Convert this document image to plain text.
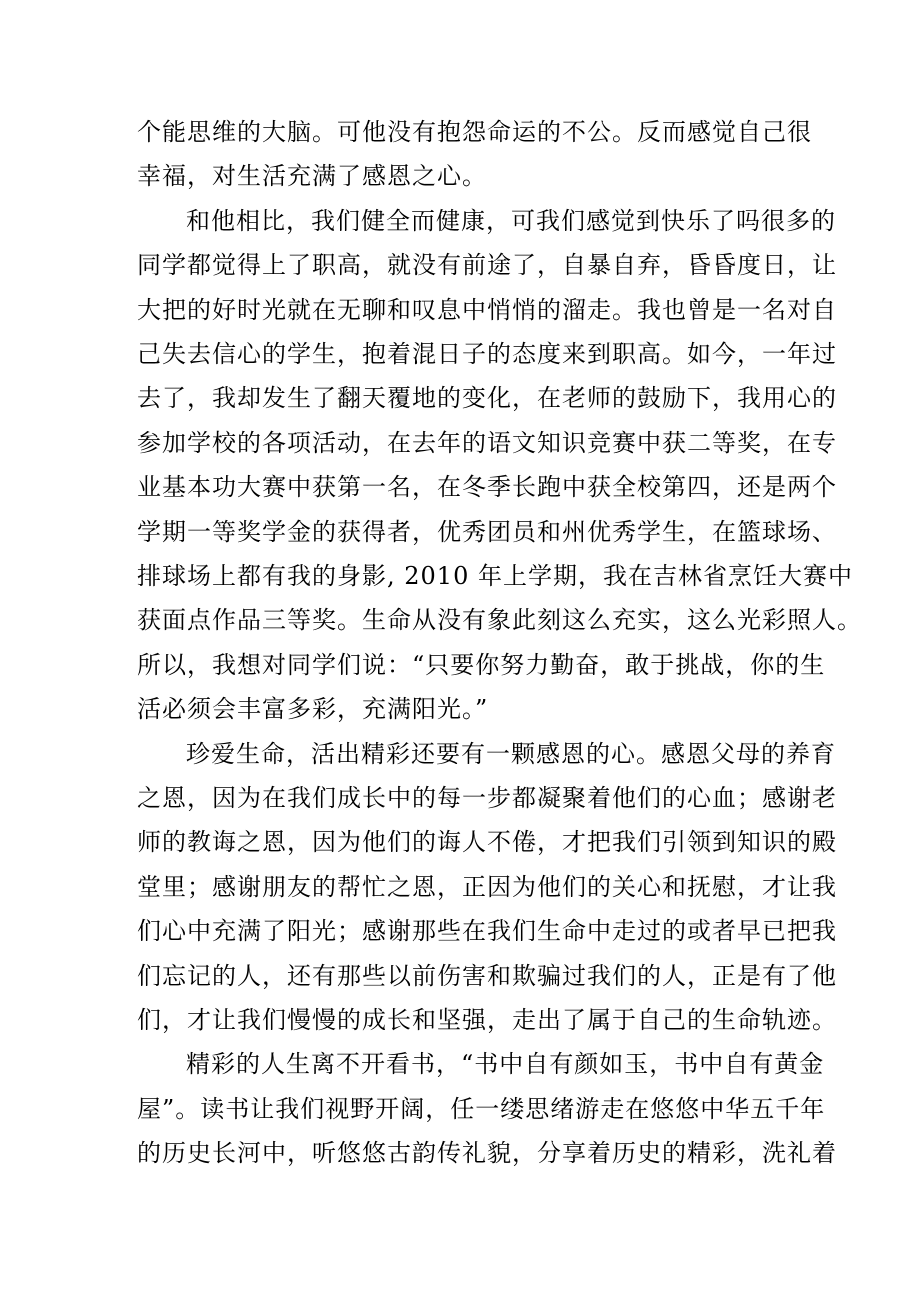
个能思维的大脑。可他没有抱怨命运的不公。反而感觉自己很
幸福，对生活充满了感恩之心。
和他相比，我们健全而健康，可我们感觉到快乐了吗很多的
同学都觉得上了职高，就没有前途了，自暴自弃，昏昏度日，让
大把的好时光就在无聊和叹息中悄悄的溜走。我也曾是一名对自
己失去信心的学生，抱着混日子的态度来到职高。如今，一年过
去了，我却发生了翻天覆地的变化，在老师的鼓励下，我用心的
参加学校的各项活动，在去年的语文知识竞赛中获二等奖，在专
业基本功大赛中获第一名，在冬季长跑中获全校第四，还是两个
学期一等奖学金的获得者，优秀团员和州优秀学生，在篮球场、
排球场上都有我的身影, 2010 年上学期，我在吉林省烹饪大赛中
获面点作品三等奖。生命从没有象此刻这么充实，这么光彩照人。
所以，我想对同学们说：“只要你努力勤奋，敢于挑战，你的生
活必须会丰富多彩，充满阳光。”
珍爱生命，活出精彩还要有一颗感恩的心。感恩父母的养育
之恩，因为在我们成长中的每一步都凝聚着他们的心血；感谢老
师的教诲之恩，因为他们的诲人不倦，才把我们引领到知识的殿
堂里；感谢朋友的帮忙之恩，正因为他们的关心和抚慰，才让我
们心中充满了阳光；感谢那些在我们生命中走过的或者早已把我
们忘记的人，还有那些以前伤害和欺骗过我们的人，正是有了他
们，才让我们慢慢的成长和坚强，走出了属于自己的生命轨迹。
精彩的人生离不开看书，“书中自有颜如玉，书中自有黄金
屋”。读书让我们视野开阔，任一缕思绪游走在悠悠中华五千年
的历史长河中，听悠悠古韵传礼貌，分享着历史的精彩，洗礼着
